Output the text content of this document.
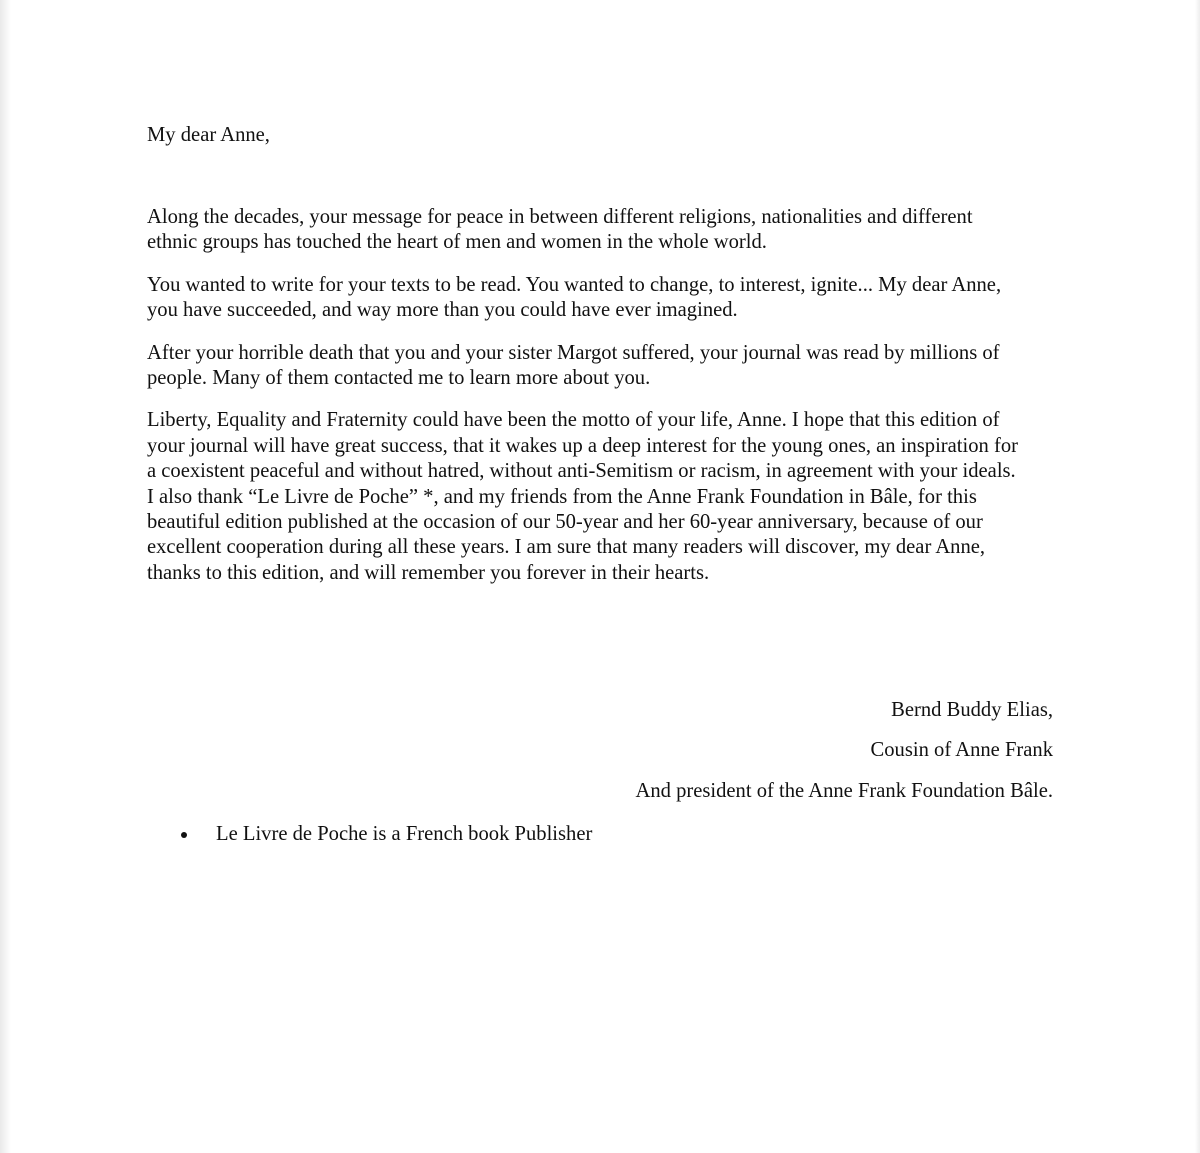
My dear Anne,

Along the decades, your message for peace in between different religions, nationalities and different
ethnic groups has touched the heart of men and women in the whole world.

You wanted to write for your texts to be read. You wanted to change, to interest, ignite... My dear Anne,
you have succeeded, and way more than you could have ever imagined.

After your horrible death that you and your sister Margot suffered, your journal was read by millions of
people. Many of them contacted me to learn more about you.

Liberty, Equality and Fraternity could have been the motto of your life, Anne. I hope that this edition of
your journal will have great success, that it wakes up a deep interest for the young ones, an inspiration for
a coexistent peaceful and without hatred, without anti-Semitism or racism, in agreement with your ideals.
I also thank “Le Livre de Poche” *, and my friends from the Anne Frank Foundation in Bâle, for this
beautiful edition published at the occasion of our 50-year and her 60-year anniversary, because of our
excellent cooperation during all these years. I am sure that many readers will discover, my dear Anne,
thanks to this edition, and will remember you forever in their hearts.

Bernd Buddy Elias,
Cousin of Anne Frank
And president of the Anne Frank Foundation Bâle.
Le Livre de Poche is a French book Publisher
